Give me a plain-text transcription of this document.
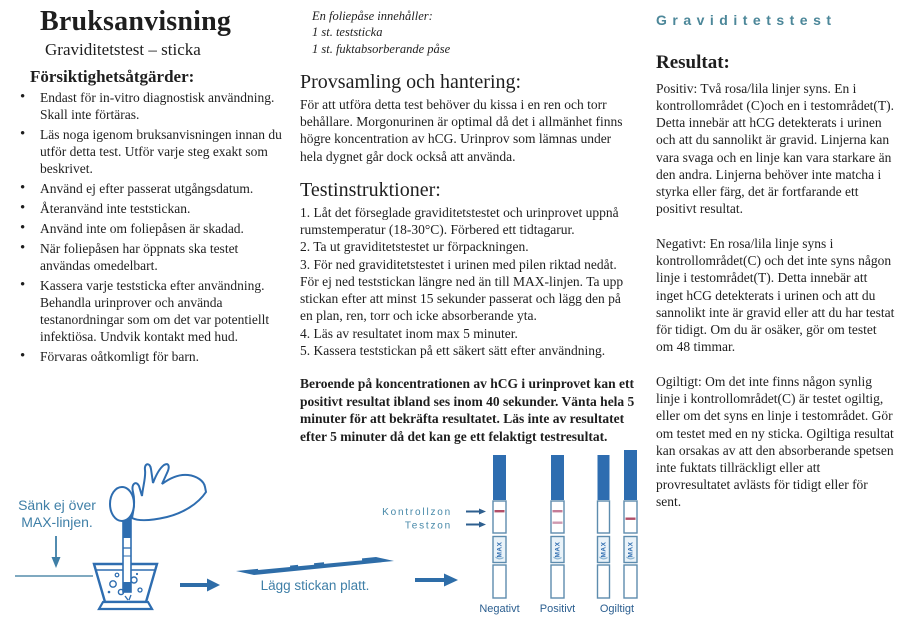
Bruksanvisning
Graviditetstest – sticka
Försiktighetsåtgärder:
• Endast för in-vitro diagnostisk användning. Skall inte förtäras.
• Läs noga igenom bruksanvisningen innan du utför detta test. Utför varje steg exakt som beskrivet.
• Använd ej efter passerat utgångsdatum.
• Återanvänd inte teststickan.
• Använd inte om foliepåsen är skadad.
• När foliepåsen har öppnats ska testet användas omedelbart.
• Kassera varje teststicka efter användning. Behandla urinprover och använda testanordningar som om det var potentiellt infektiösa. Undvik kontakt med hud.
• Förvaras oåtkomligt för barn.
En foliepåse innehåller:
1 st. teststicka
1 st. fuktabsorberande påse
Provsamling och hantering:
För att utföra detta test behöver du kissa i en ren och torr behållare. Morgonurinen är optimal då det i allmänhet finns högre koncentration av hCG. Urinprov som lämnas under hela dygnet går dock också att använda.
Testinstruktioner:
1. Låt det förseglade graviditetstestet och urinprovet uppnå rumstemperatur (18-30°C). Förbered ett tidtagarur.
2. Ta ut graviditetstestet ur förpackningen.
3. För ned graviditetstestet i urinen med pilen riktad nedåt. För ej ned teststickan längre ned än till MAX-linjen. Ta upp stickan efter att minst 15 sekunder passerat och lägg den på en plan, ren, torr och icke absorberande yta.
4. Läs av resultatet inom max 5 minuter.
5. Kassera teststickan på ett säkert sätt efter användning.
Beroende på koncentrationen av hCG i urinprovet kan ett positivt resultat ibland ses inom 40 sekunder. Vänta hela 5 minuter för att bekräfta resultatet. Läs inte av resultatet efter 5 minuter då det kan ge ett felaktigt testresultat.
Graviditetstest
Resultat:
Positiv: Två rosa/lila linjer syns. En i kontrollområdet (C)och en i testområdet(T). Detta innebär att hCG detekterats i urinen och att du sannolikt är gravid. Linjerna kan vara svaga och en linje kan vara starkare än den andra. Linjerna behöver inte matcha i styrka eller färg, det är fortfarande ett positivt resultat.
Negativt: En rosa/lila linje syns i kontrollområdet(C) och det inte syns någon linje i testområdet(T). Detta innebär att inget hCG detekterats i urinen och att du sannolikt inte är gravid eller att du har testat för tidigt. Om du är osäker, gör om testet om 48 timmar.
Ogiltigt: Om det inte finns någon synlig linje i kontrollområdet(C) är testet ogiltig, eller om det syns en linje i testområdet. Gör om testet med en ny sticka. Ogiltiga resultat kan orsakas av att den absorberande spetsen inte fuktats tillräckligt eller att provresultatet avlästs för tidigt eller för sent.
Sänk ej över
MAX-linjen.
Lägg stickan platt.
Kontrollzon
Testzon
MAX	MAX	MAX	MAX
Negativt Positivt Ogiltigt
